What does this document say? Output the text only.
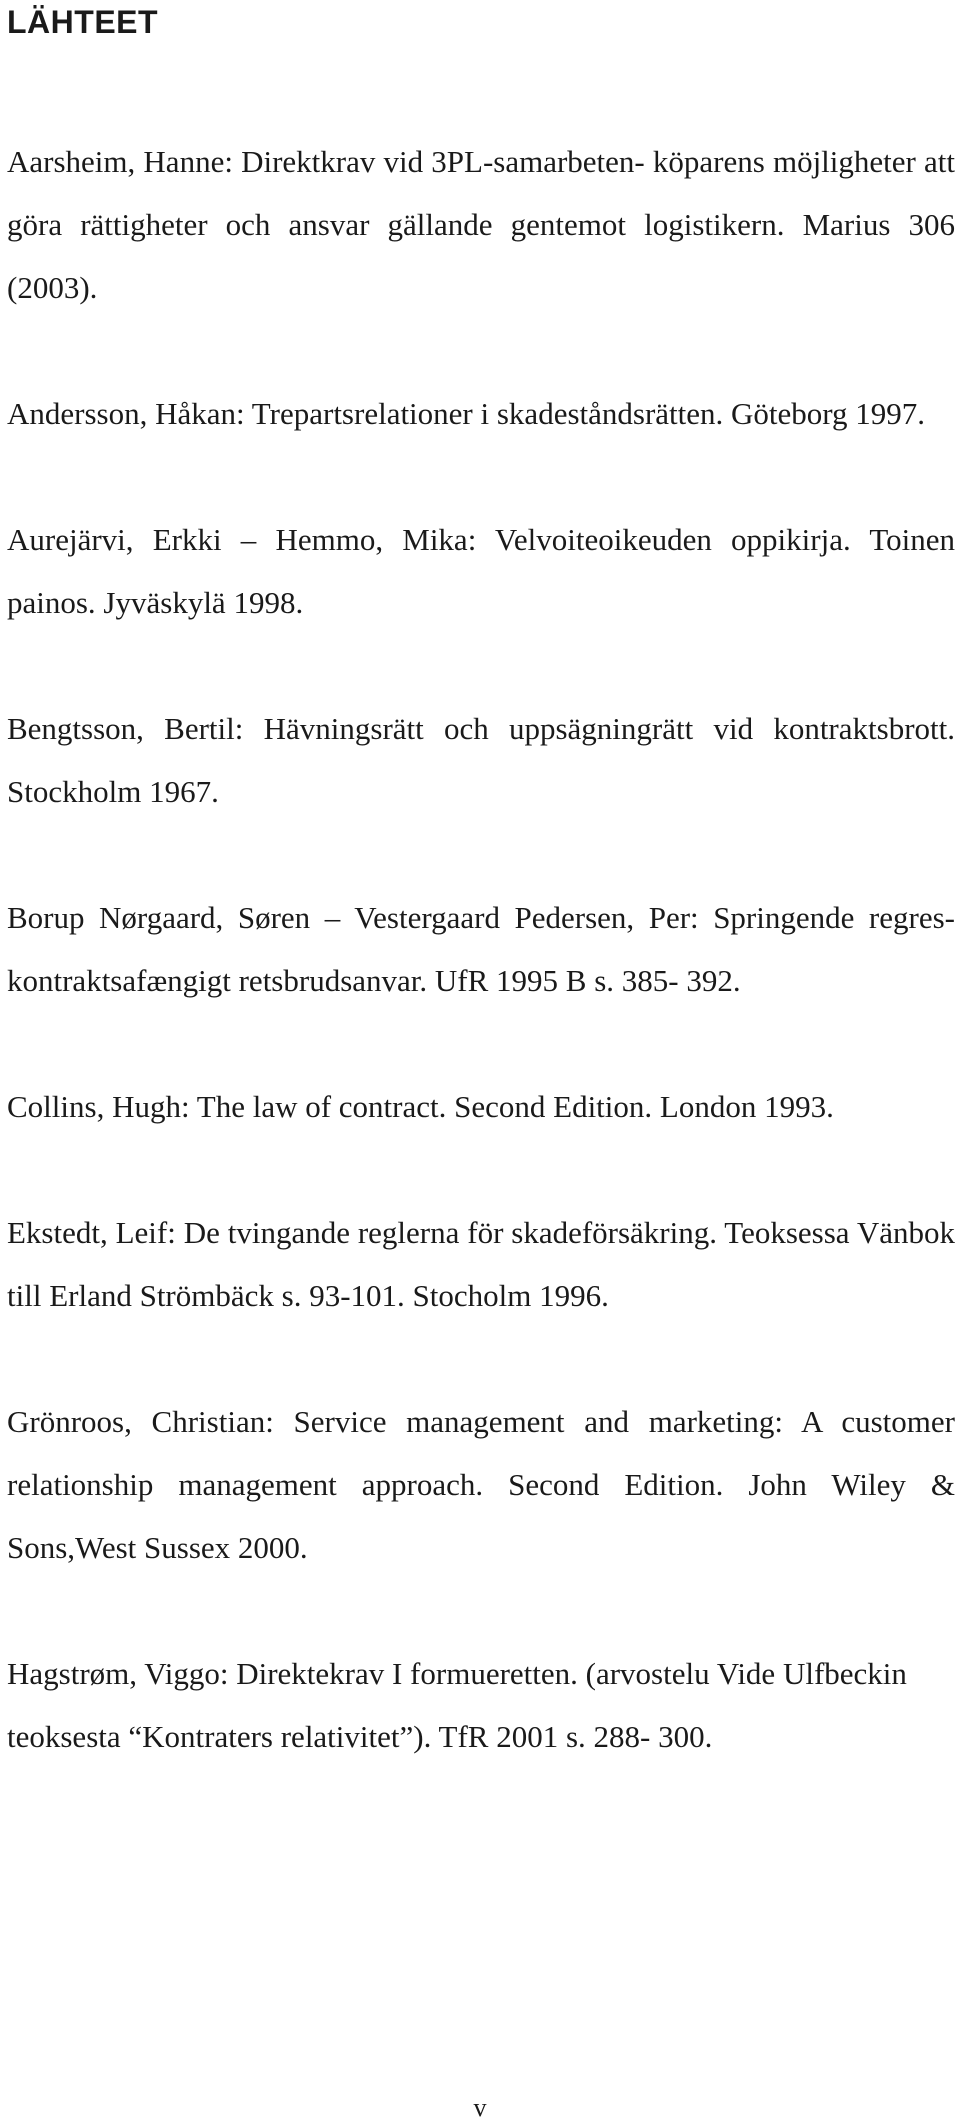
LÄHTEET
Aarsheim, Hanne: Direktkrav vid 3PL-samarbeten- köparens möjligheter att göra rättigheter och ansvar gällande gentemot logistikern. Marius 306 (2003).
Andersson, Håkan: Trepartsrelationer i skadeståndsrätten. Göteborg 1997.
Aurejärvi, Erkki – Hemmo, Mika: Velvoiteoikeuden oppikirja. Toinen painos. Jyväskylä 1998.
Bengtsson, Bertil: Hävningsrätt och uppsägningrätt vid kontraktsbrott. Stockholm 1967.
Borup Nørgaard, Søren – Vestergaard Pedersen, Per: Springende regres-kontraktsafængigt retsbrudsanvar. UfR 1995 B s. 385- 392.
Collins, Hugh: The law of contract. Second Edition. London 1993.
Ekstedt, Leif: De tvingande reglerna för skadeförsäkring. Teoksessa Vänbok till Erland Strömbäck s. 93-101. Stocholm 1996.
Grönroos, Christian: Service management and marketing: A customer relationship management approach. Second Edition. John Wiley & Sons,West Sussex 2000.
Hagstrøm, Viggo: Direktekrav I formueretten. (arvostelu Vide Ulfbeckin
teoksesta “Kontraters relativitet”). TfR 2001 s. 288- 300.
v
